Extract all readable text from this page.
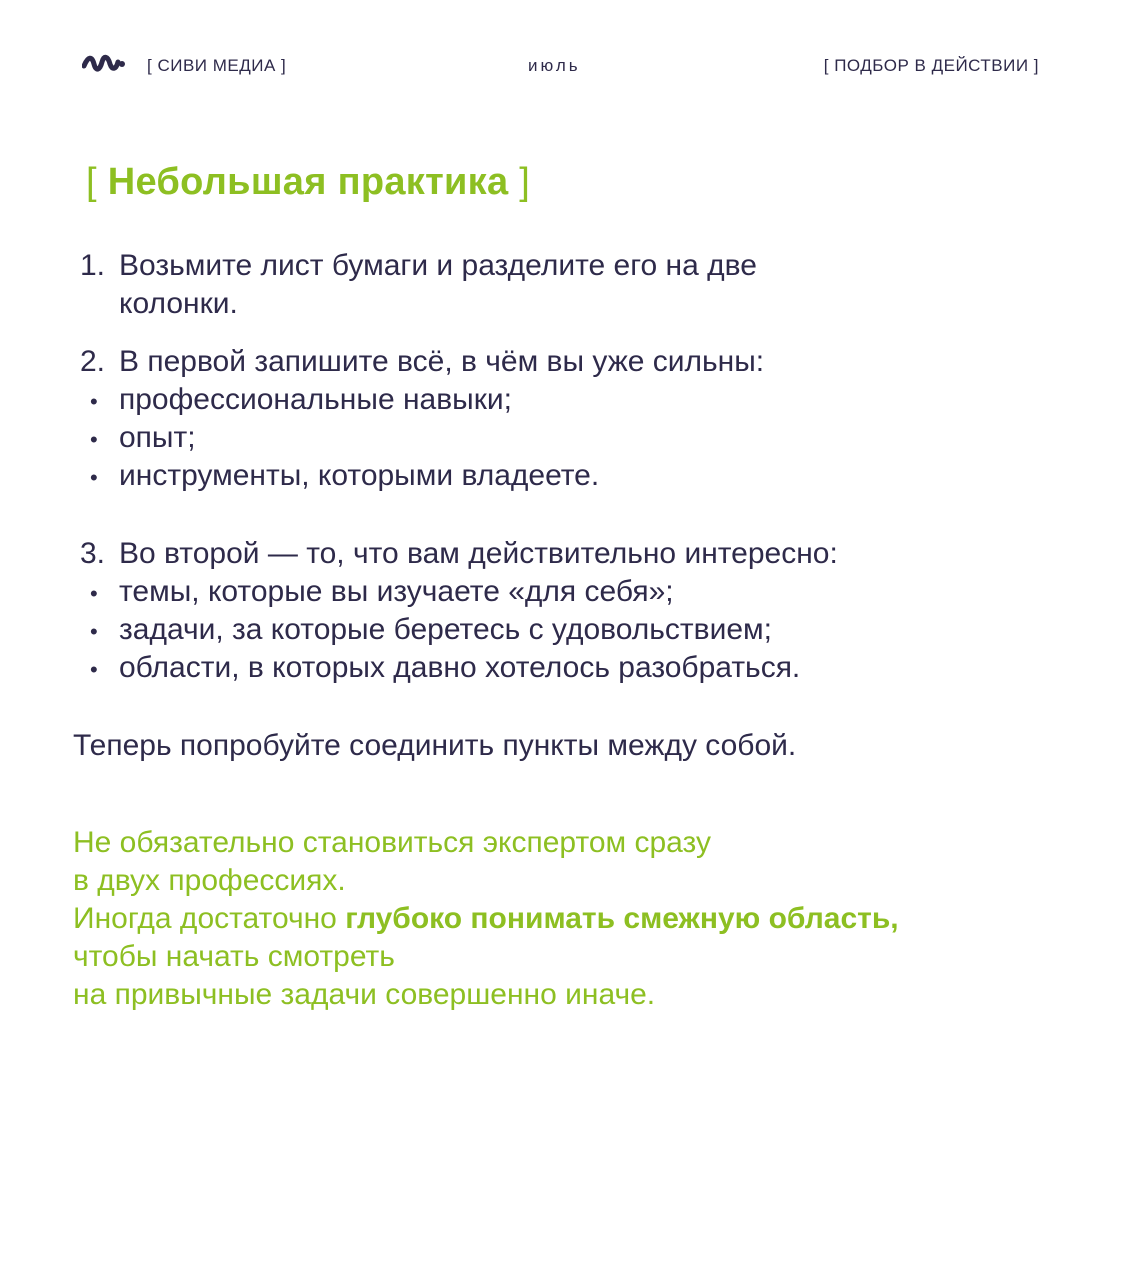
[ СИВИ МЕДИА ]	июль	[ ПОДБОР В ДЕЙСТВИИ ]
[ Небольшая практика ]
1. Возьмите лист бумаги и разделите его на две
колонки.
2. В первой запишите всё, в чём вы уже сильны:
• профессиональные навыки;
• опыт;
• инструменты, которыми владеете.
3. Во второй — то, что вам действительно интересно:
• темы, которые вы изучаете «для себя»;
• задачи, за которые беретесь с удовольствием;
• области, в которых давно хотелось разобраться.
Теперь попробуйте соединить пункты между собой.
Не обязательно становиться экспертом сразу
в двух профессиях.
Иногда достаточно глубоко понимать смежную область,
чтобы начать смотреть
на привычные задачи совершенно иначе.
